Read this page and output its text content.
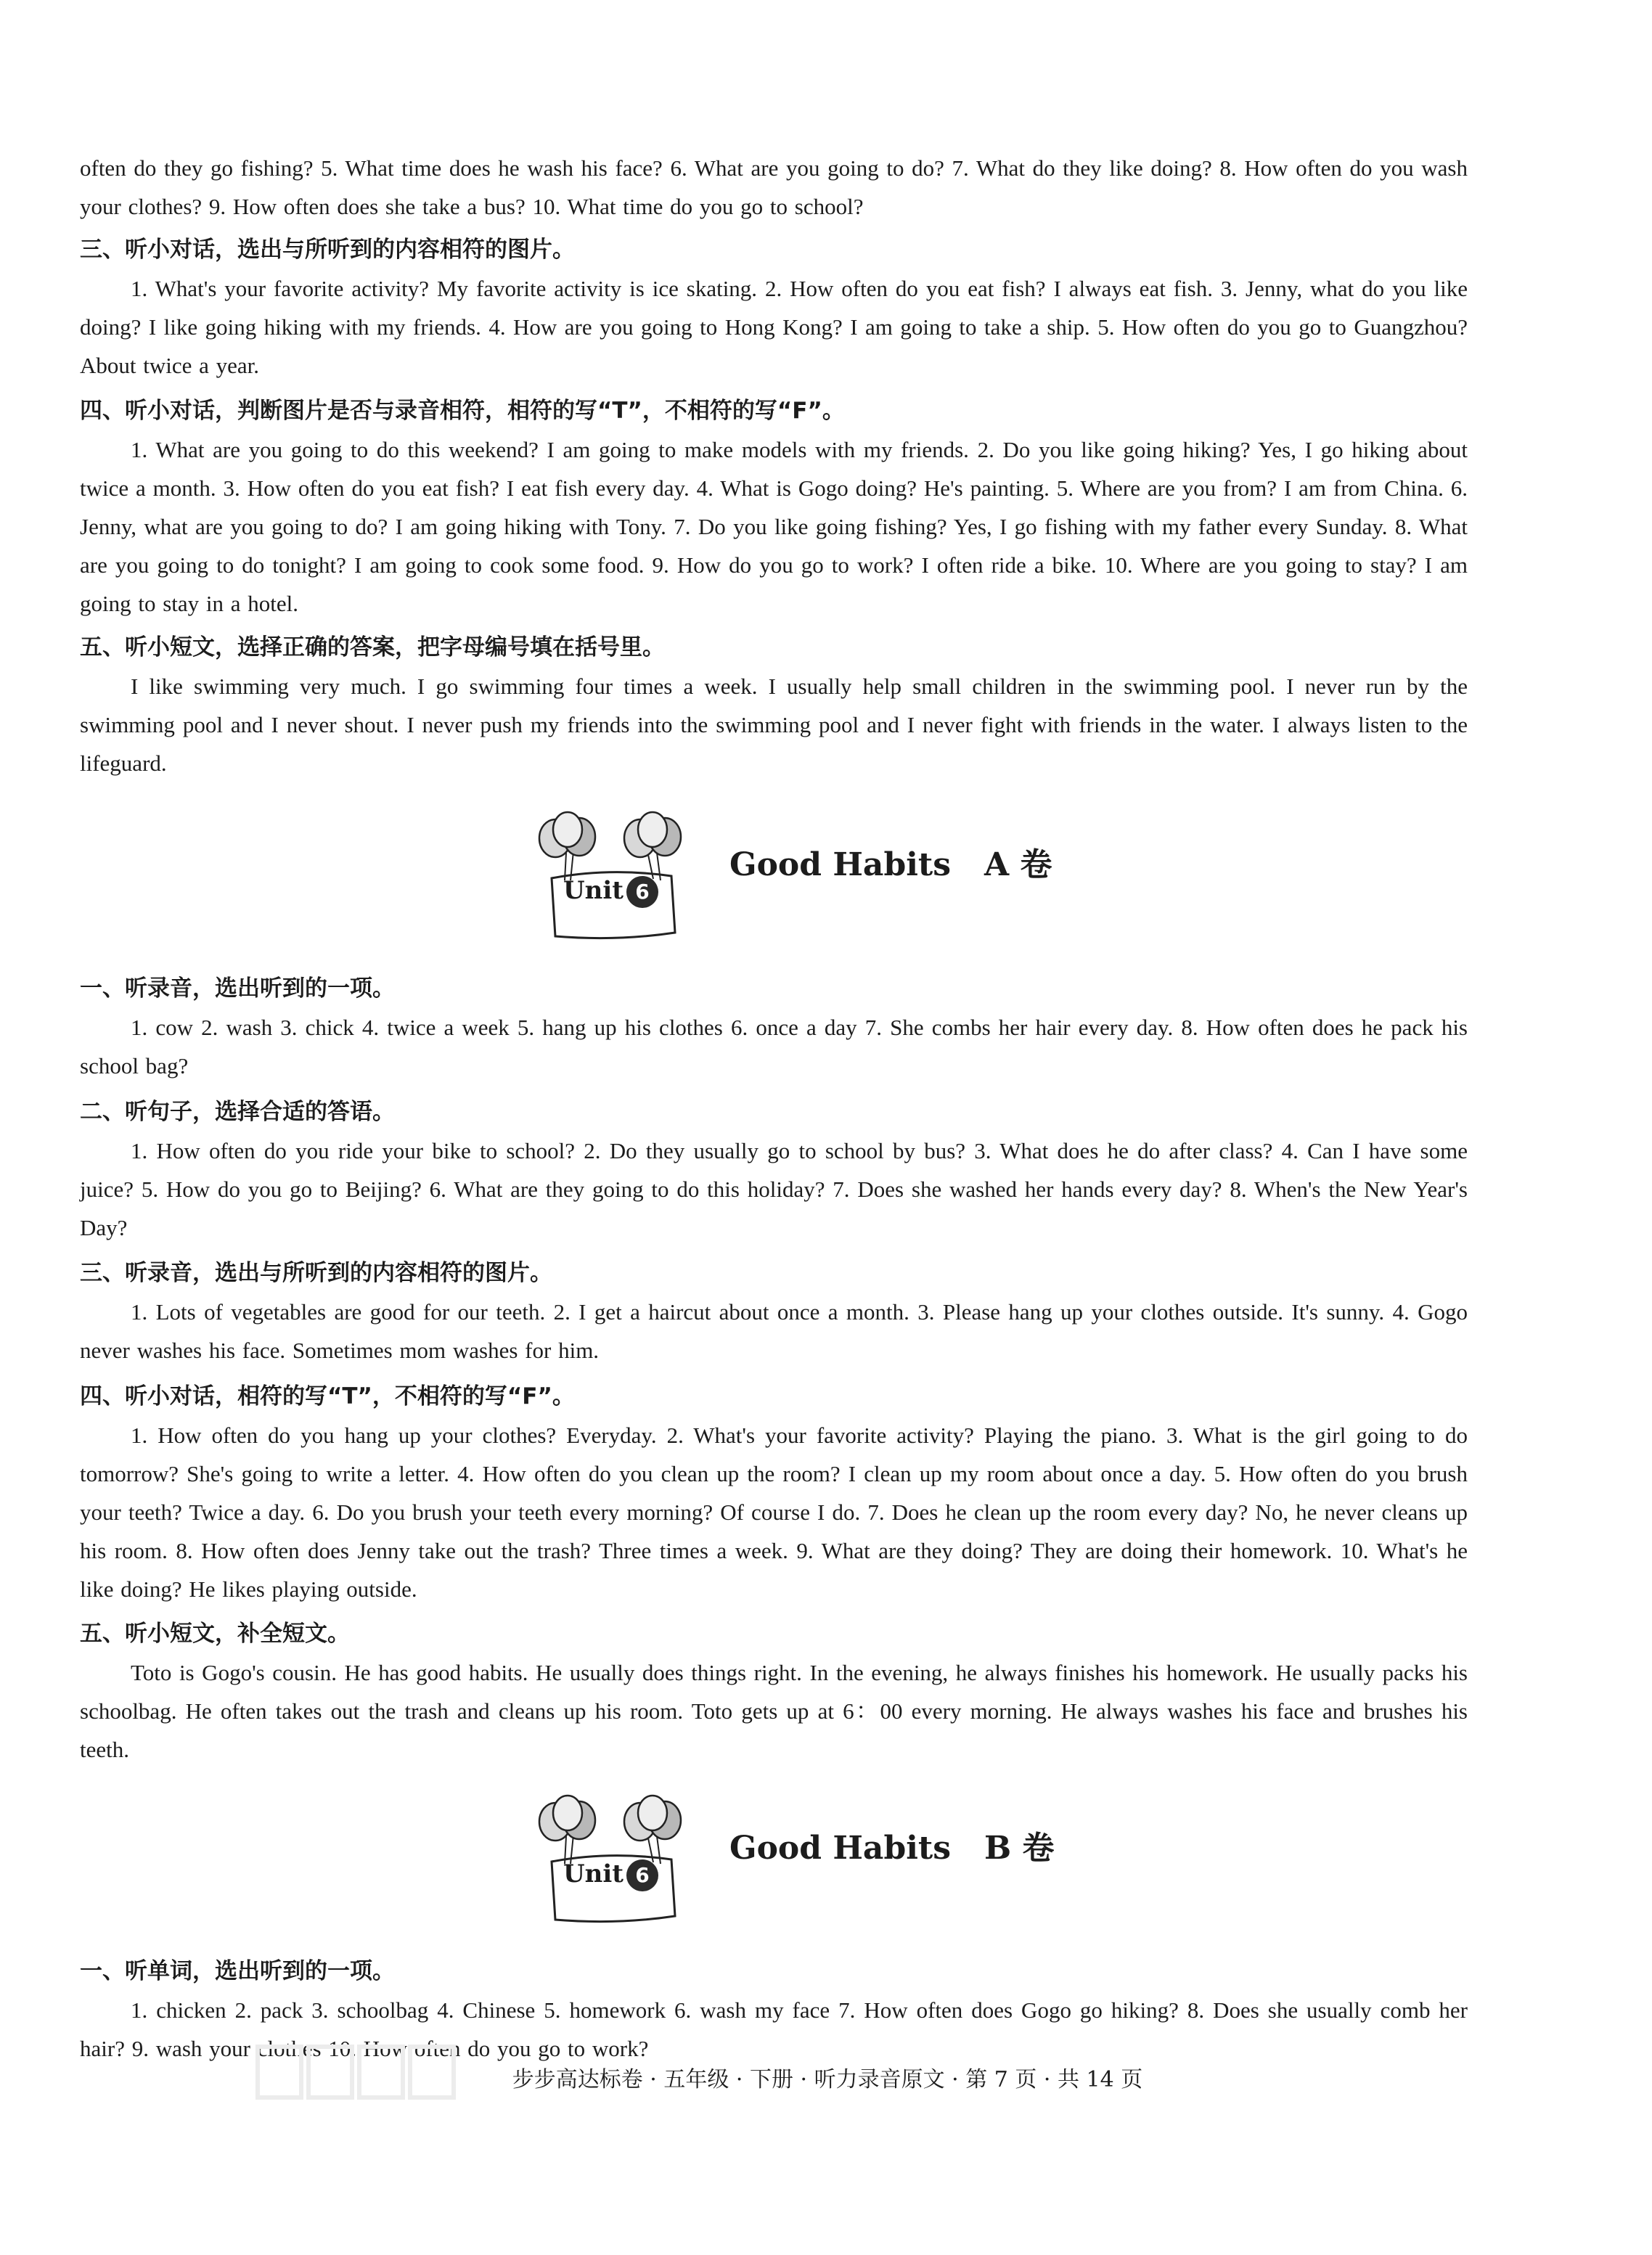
often do they go fishing? 5. What time does he wash his face? 6. What are you going to do? 7. What do they like doing? 8. How often do you wash your clothes? 9. How often does she take a bus? 10. What time do you go to school?

三、听小对话，选出与所听到的内容相符的图片。

1. What's your favorite activity? My favorite activity is ice skating. 2. How often do you eat fish? I always eat fish. 3. Jenny, what do you like doing? I like going hiking with my friends. 4. How are you going to Hong Kong? I am going to take a ship. 5. How often do you go to Guangzhou? About twice a year.

四、听小对话，判断图片是否与录音相符，相符的写“T”，不相符的写“F”。

1. What are you going to do this weekend? I am going to make models with my friends. 2. Do you like going hiking? Yes, I go hiking about twice a month. 3. How often do you eat fish? I eat fish every day. 4. What is Gogo doing? He's painting. 5. Where are you from? I am from China. 6. Jenny, what are you going to do? I am going hiking with Tony. 7. Do you like going fishing? Yes, I go fishing with my father every Sunday. 8. What are you going to do tonight? I am going to cook some food. 9. How do you go to work? I often ride a bike. 10. Where are you going to stay? I am going to stay in a hotel.

五、听小短文，选择正确的答案，把字母编号填在括号里。

I like swimming very much. I go swimming four times a week. I usually help small children in the swimming pool. I never run by the swimming pool and I never shout. I never push my friends into the swimming pool and I never fight with friends in the water. I always listen to the lifeguard.

Unit 6
Good Habits A 卷

一、听录音，选出听到的一项。

1. cow 2. wash 3. chick 4. twice a week 5. hang up his clothes 6. once a day 7. She combs her hair every day. 8. How often does he pack his school bag?

二、听句子，选择合适的答语。

1. How often do you ride your bike to school? 2. Do they usually go to school by bus? 3. What does he do after class? 4. Can I have some juice? 5. How do you go to Beijing? 6. What are they going to do this holiday? 7. Does she washed her hands every day? 8. When's the New Year's Day?

三、听录音，选出与所听到的内容相符的图片。

1. Lots of vegetables are good for our teeth. 2. I get a haircut about once a month. 3. Please hang up your clothes outside. It's sunny. 4. Gogo never washes his face. Sometimes mom washes for him.

四、听小对话，相符的写“T”，不相符的写“F”。

1. How often do you hang up your clothes? Everyday. 2. What's your favorite activity? Playing the piano. 3. What is the girl going to do tomorrow? She's going to write a letter. 4. How often do you clean up the room? I clean up my room about once a day. 5. How often do you brush your teeth? Twice a day. 6. Do you brush your teeth every morning? Of course I do. 7. Does he clean up the room every day? No, he never cleans up his room. 8. How often does Jenny take out the trash? Three times a week. 9. What are they doing? They are doing their homework. 10. What's he like doing? He likes playing outside.

五、听小短文，补全短文。

Toto is Gogo's cousin. He has good habits. He usually does things right. In the evening, he always finishes his homework. He usually packs his schoolbag. He often takes out the trash and cleans up his room. Toto gets up at 6：00 every morning. He always washes his face and brushes his teeth.

Unit 6
Good Habits B 卷

一、听单词，选出听到的一项。

1. chicken 2. pack 3. schoolbag 4. Chinese 5. homework 6. wash my face 7. How often does Gogo go hiking? 8. Does she usually comb her hair? 9. wash your clothes 10. How often do you go to work?

步步高达标卷 · 五年级 · 下册 · 听力录音原文 · 第 7 页 · 共 14 页
